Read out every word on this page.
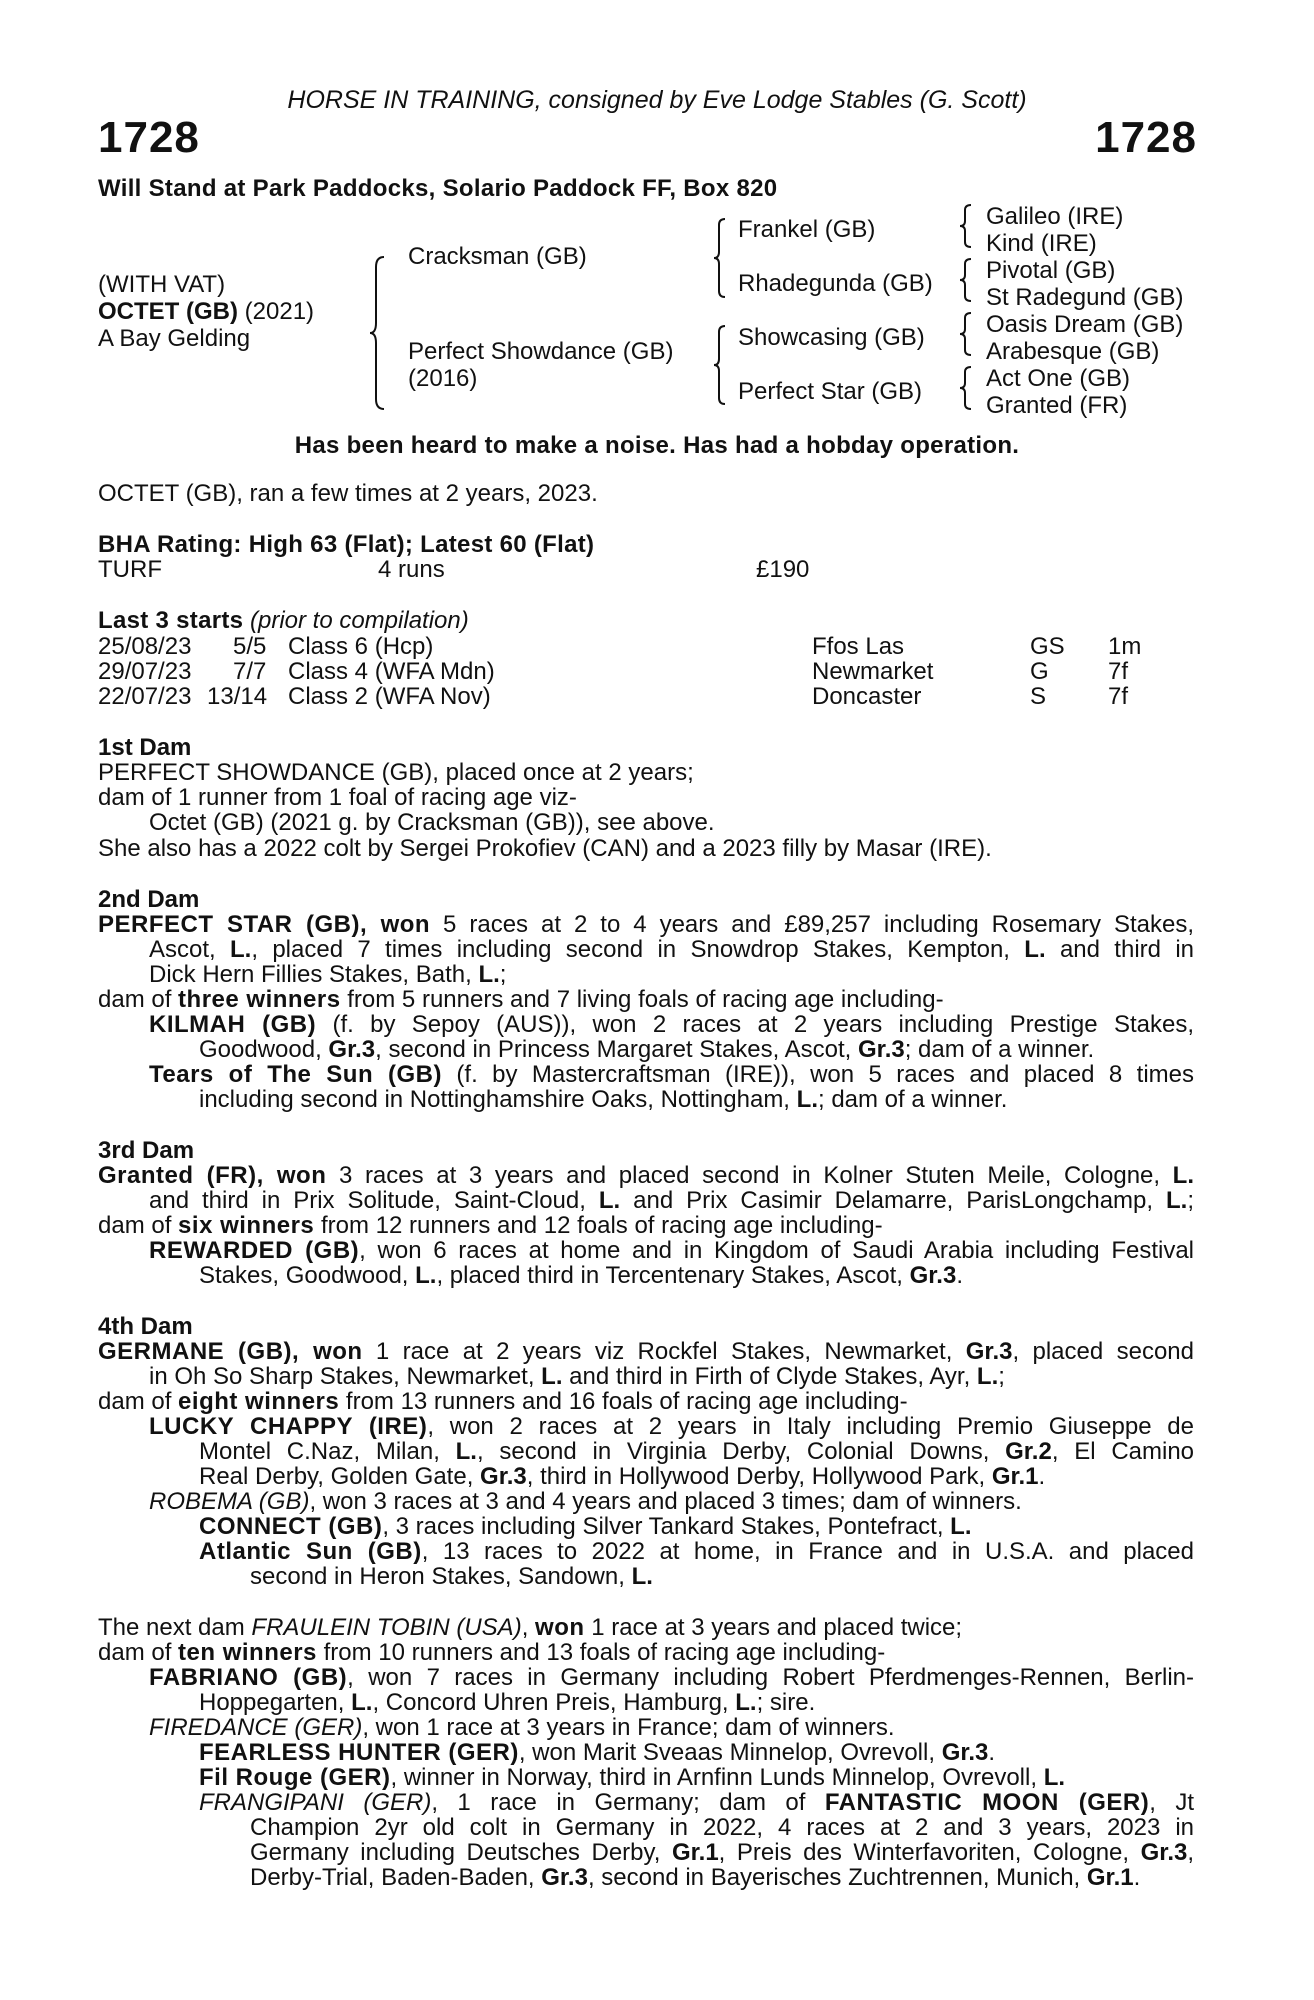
HORSE IN TRAINING, consigned by Eve Lodge Stables (G. Scott)
1728	1728
Will Stand at Park Paddocks, Solario Paddock FF, Box 820
(WITH VAT)
OCTET (GB) (2021)
A Bay Gelding
Cracksman (GB)
Perfect Showdance (GB)
(2016)
Frankel (GB)
Rhadegunda (GB)
Showcasing (GB)
Perfect Star (GB)
Galileo (IRE)
Kind (IRE)
Pivotal (GB)
St Radegund (GB)
Oasis Dream (GB)
Arabesque (GB)
Act One (GB)
Granted (FR)
Has been heard to make a noise. Has had a hobday operation.
OCTET (GB), ran a few times at 2 years, 2023.
BHA Rating: High 63 (Flat); Latest 60 (Flat)
TURF	4 runs	£190
Last 3 starts (prior to compilation)
25/08/23 5/5 Class 6 (Hcp)	Ffos Las	GS 1m
29/07/23 7/7 Class 4 (WFA Mdn)	Newmarket	G 7f
22/07/23 13/14 Class 2 (WFA Nov)	Doncaster	S	7f
1st Dam
PERFECT SHOWDANCE (GB), placed once at 2 years;
dam of 1 runner from 1 foal of racing age viz-
Octet (GB) (2021 g. by Cracksman (GB)), see above.
She also has a 2022 colt by Sergei Prokofiev (CAN) and a 2023 filly by Masar (IRE).
2nd Dam
PERFECT STAR (GB), won 5 races at 2 to 4 years and £89,257 including Rosemary Stakes,
Ascot, L., placed 7 times including second in Snowdrop Stakes, Kempton, L. and third in
Dick Hern Fillies Stakes, Bath, L.;
dam of three winners from 5 runners and 7 living foals of racing age including-
KILMAH (GB) (f. by Sepoy (AUS)), won 2 races at 2 years including Prestige Stakes,
Goodwood, Gr.3, second in Princess Margaret Stakes, Ascot, Gr.3; dam of a winner.
Tears of The Sun (GB) (f. by Mastercraftsman (IRE)), won 5 races and placed 8 times
including second in Nottinghamshire Oaks, Nottingham, L.; dam of a winner.
3rd Dam
Granted (FR), won 3 races at 3 years and placed second in Kolner Stuten Meile, Cologne, L.
and third in Prix Solitude, Saint-Cloud, L. and Prix Casimir Delamarre, ParisLongchamp, L.;
dam of six winners from 12 runners and 12 foals of racing age including-
REWARDED (GB), won 6 races at home and in Kingdom of Saudi Arabia including Festival
Stakes, Goodwood, L., placed third in Tercentenary Stakes, Ascot, Gr.3.
4th Dam
GERMANE (GB), won 1 race at 2 years viz Rockfel Stakes, Newmarket, Gr.3, placed second
in Oh So Sharp Stakes, Newmarket, L. and third in Firth of Clyde Stakes, Ayr, L.;
dam of eight winners from 13 runners and 16 foals of racing age including-
LUCKY CHAPPY (IRE), won 2 races at 2 years in Italy including Premio Giuseppe de
Montel C.Naz, Milan, L., second in Virginia Derby, Colonial Downs, Gr.2, El Camino
Real Derby, Golden Gate, Gr.3, third in Hollywood Derby, Hollywood Park, Gr.1.
ROBEMA (GB), won 3 races at 3 and 4 years and placed 3 times; dam of winners.
CONNECT (GB), 3 races including Silver Tankard Stakes, Pontefract, L.
Atlantic Sun (GB), 13 races to 2022 at home, in France and in U.S.A. and placed
second in Heron Stakes, Sandown, L.
The next dam FRAULEIN TOBIN (USA), won 1 race at 3 years and placed twice;
dam of ten winners from 10 runners and 13 foals of racing age including-
FABRIANO (GB), won 7 races in Germany including Robert Pferdmenges-Rennen, Berlin-
Hoppegarten, L., Concord Uhren Preis, Hamburg, L.; sire.
FIREDANCE (GER), won 1 race at 3 years in France; dam of winners.
FEARLESS HUNTER (GER), won Marit Sveaas Minnelop, Ovrevoll, Gr.3.
Fil Rouge (GER), winner in Norway, third in Arnfinn Lunds Minnelop, Ovrevoll, L.
FRANGIPANI (GER), 1 race in Germany; dam of FANTASTIC MOON (GER), Jt
Champion 2yr old colt in Germany in 2022, 4 races at 2 and 3 years, 2023 in
Germany including Deutsches Derby, Gr.1, Preis des Winterfavoriten, Cologne, Gr.3,
Derby-Trial, Baden-Baden, Gr.3, second in Bayerisches Zuchtrennen, Munich, Gr.1.
